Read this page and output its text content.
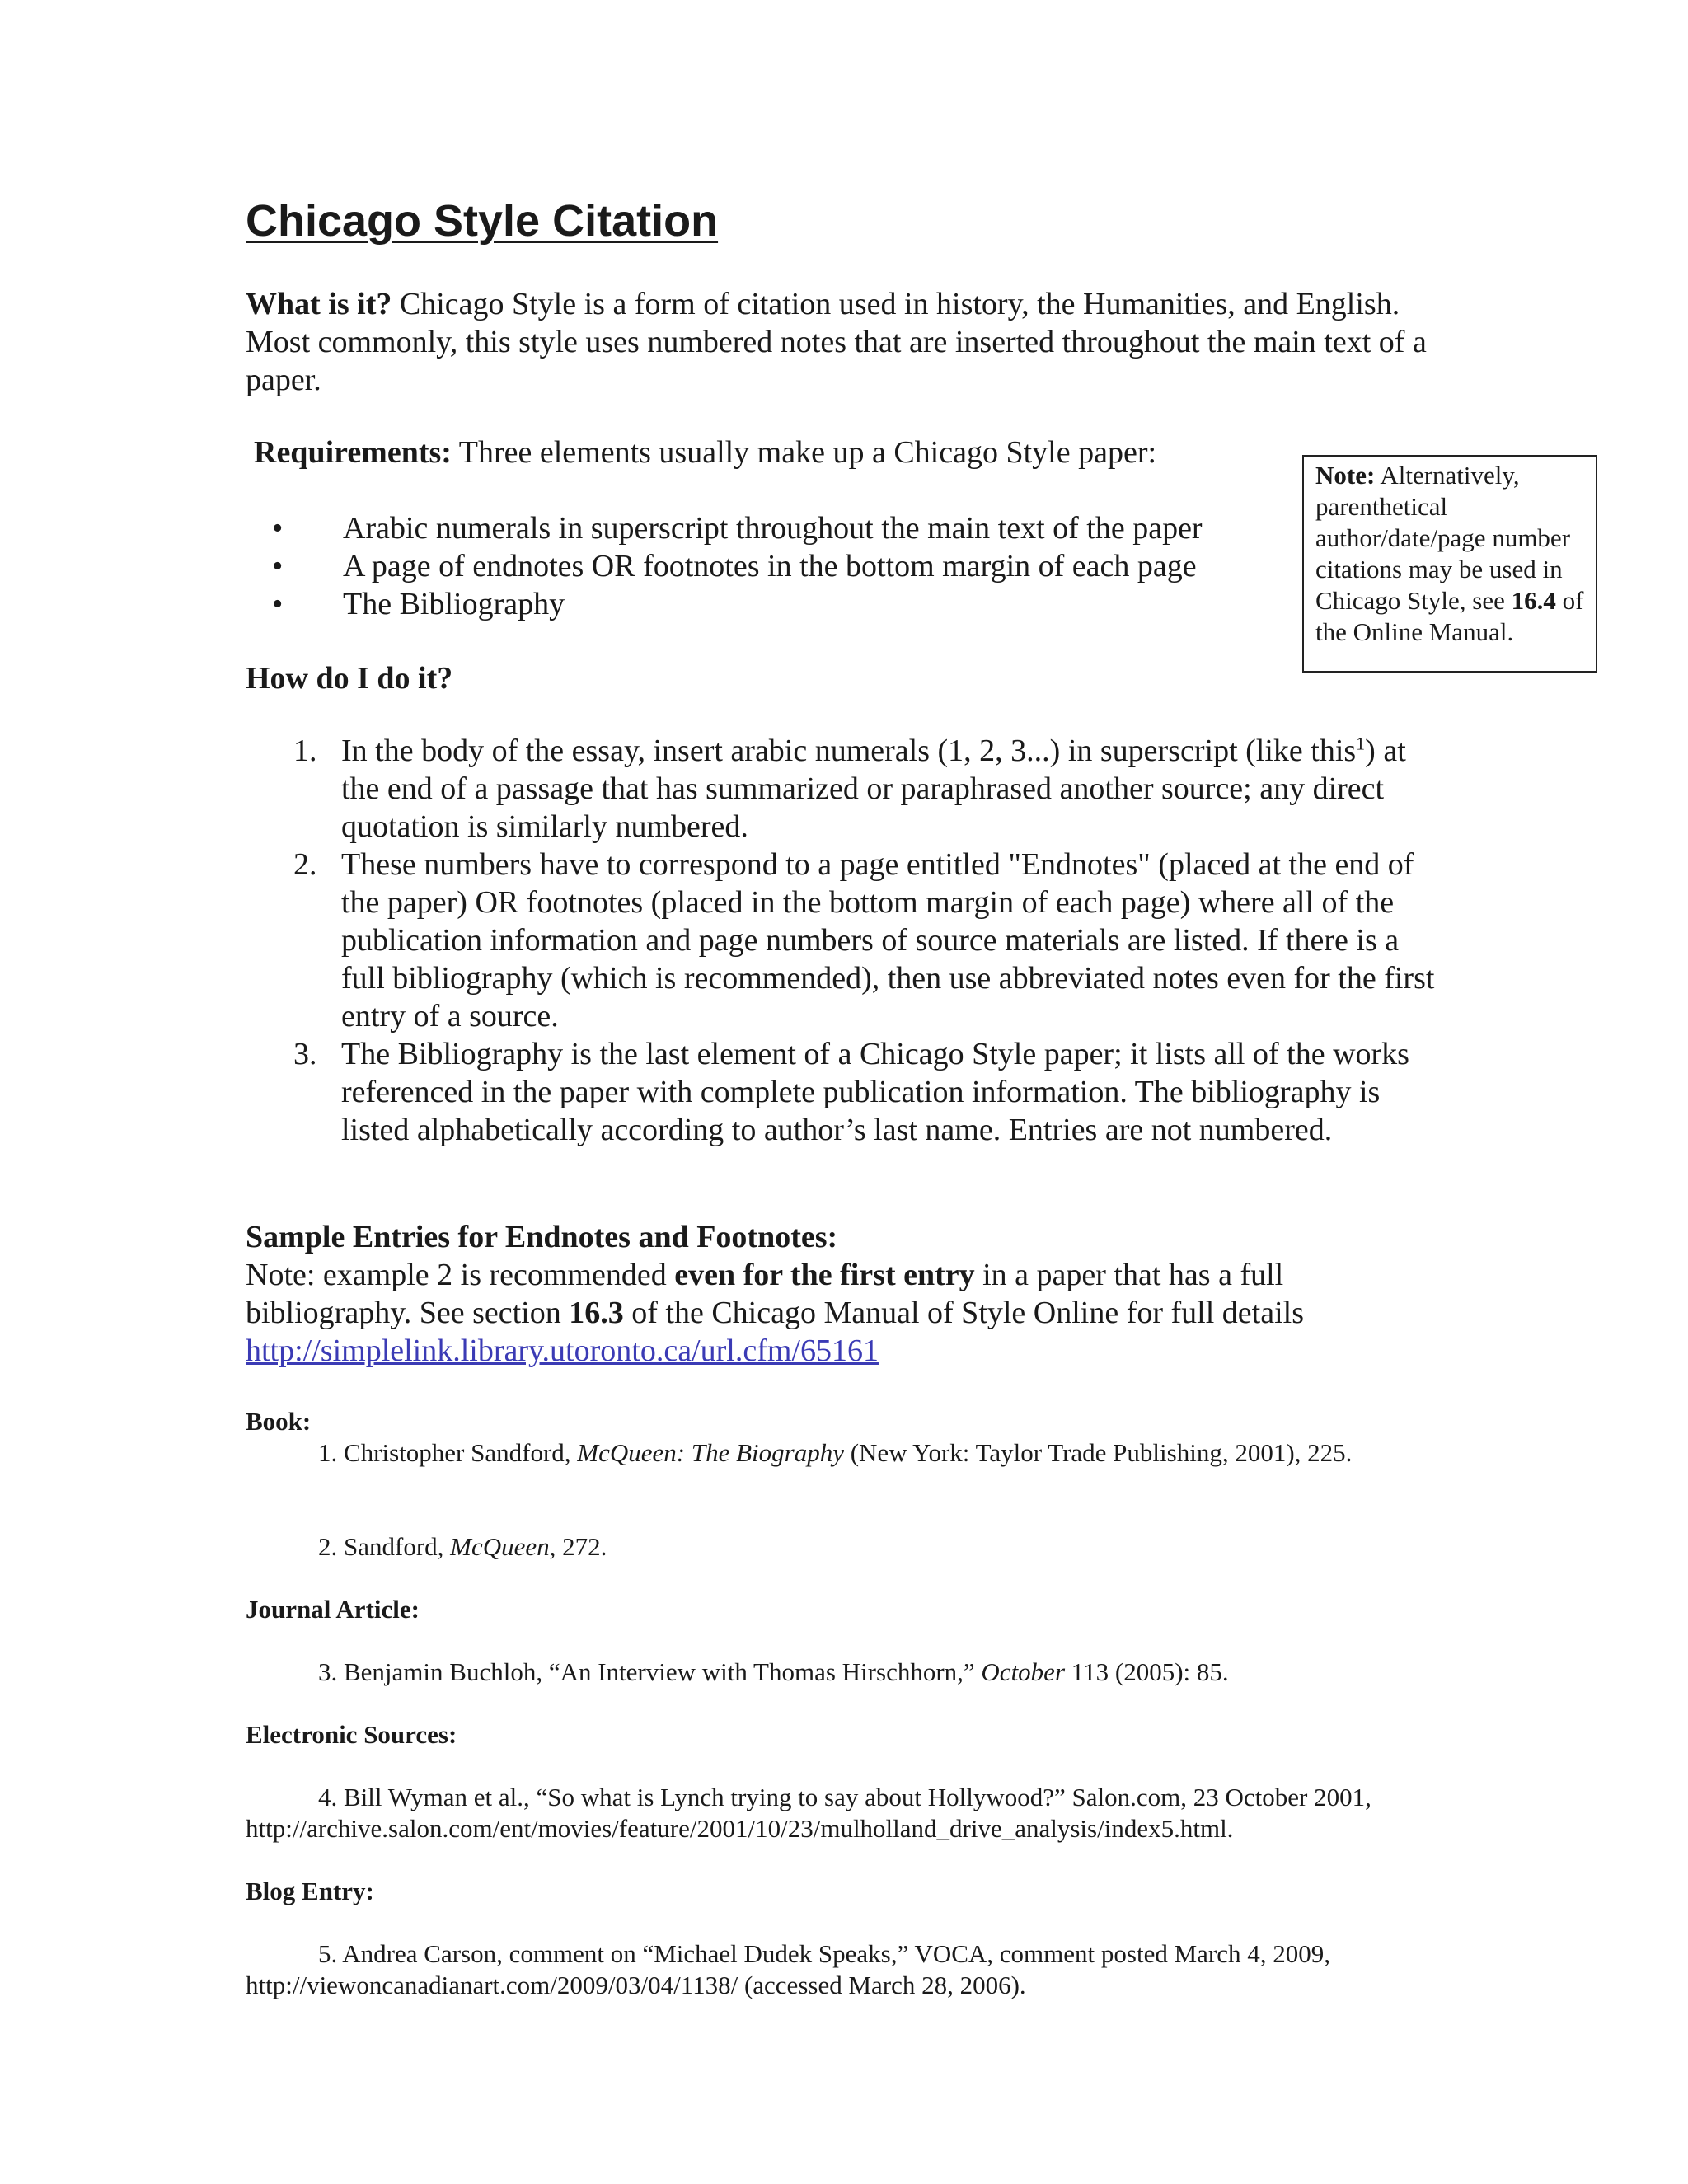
Chicago Style Citation

What is it? Chicago Style is a form of citation used in history, the Humanities, and English. Most commonly, this style uses numbered notes that are inserted throughout the main text of a paper.

Requirements: Three elements usually make up a Chicago Style paper:

• Arabic numerals in superscript throughout the main text of the paper
• A page of endnotes OR footnotes in the bottom margin of each page
• The Bibliography
Note: Alternatively, parenthetical author/date/page number citations may be used in Chicago Style, see 16.4 of the Online Manual.
How do I do it?
1. In the body of the essay, insert arabic numerals (1, 2, 3...) in superscript (like this$^1$) at the end of a passage that has summarized or paraphrased another source; any direct quotation is similarly numbered.
2. These numbers have to correspond to a page entitled "Endnotes" (placed at the end of the paper) OR footnotes (placed in the bottom margin of each page) where all of the publication information and page numbers of source materials are listed. If there is a full bibliography (which is recommended), then use abbreviated notes even for the first entry of a source.
3. The Bibliography is the last element of a Chicago Style paper; it lists all of the works referenced in the paper with complete publication information. The bibliography is listed alphabetically according to author’s last name. Entries are not numbered.
Sample Entries for Endnotes and Footnotes:

Note: example 2 is recommended even for the first entry in a paper that has a full bibliography. See section 16.3 of the Chicago Manual of Style Online for full details
http://simplelink.library.utoronto.ca/url.cfm/65161

Book:

1. Christopher Sandford, McQueen: The Biography (New York: Taylor Trade Publishing, 2001), 225.

2. Sandford, McQueen, 272.

Journal Article:

3. Benjamin Buchloh, “An Interview with Thomas Hirschhorn,” October 113 (2005): 85.

Electronic Sources:

4. Bill Wyman et al., “So what is Lynch trying to say about Hollywood?” Salon.com, 23 October 2001, http://archive.salon.com/ent/movies/feature/2001/10/23/mulholland_drive_analysis/index5.html.

Blog Entry:

5. Andrea Carson, comment on “Michael Dudek Speaks,” VOCA, comment posted March 4, 2009, http://viewoncanadianart.com/2009/03/04/1138/ (accessed March 28, 2006).
